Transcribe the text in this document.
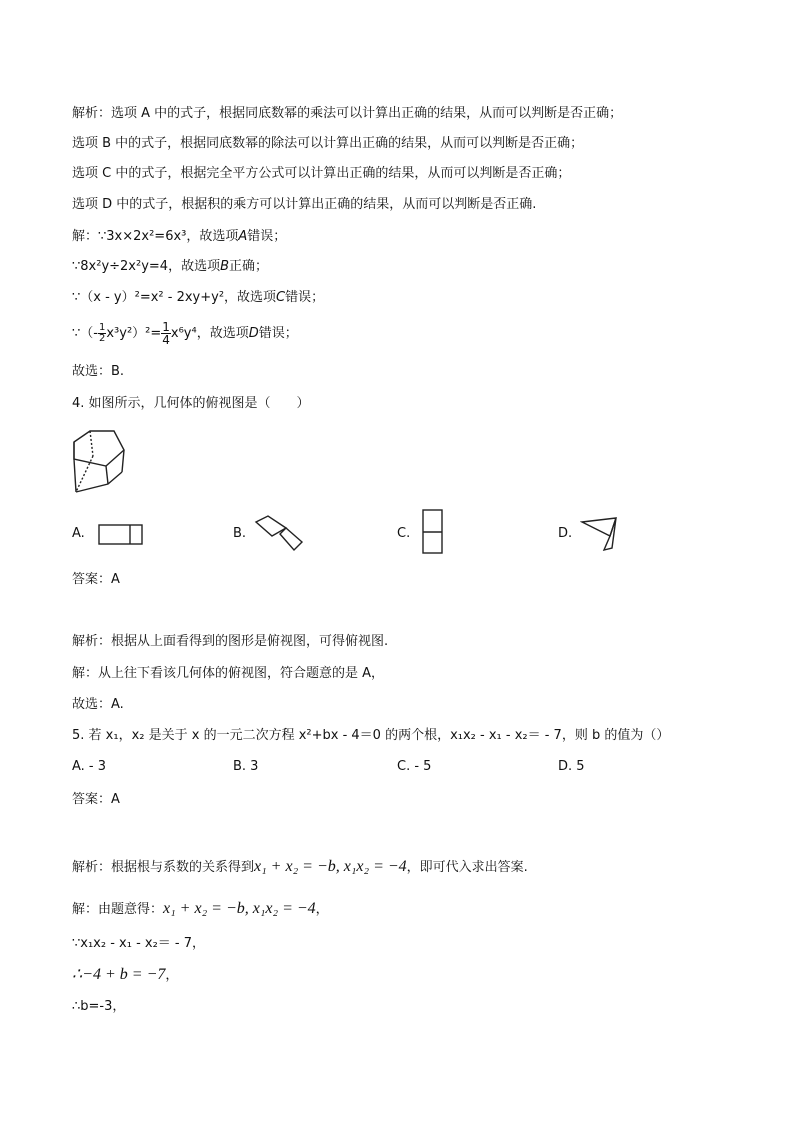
解析：选项 A 中的式子，根据同底数幂的乘法可以计算出正确的结果，从而可以判断是否正确；
选项 B 中的式子，根据同底数幂的除法可以计算出正确的结果，从而可以判断是否正确；
选项 C 中的式子，根据完全平方公式可以计算出正确的结果，从而可以判断是否正确；
选项 D 中的式子，根据积的乘方可以计算出正确的结果，从而可以判断是否正确.
解：∵3x×2x²=6x³，故选项A错误；
∵8x²y÷2x²y=4，故选项B正确；
∵（x - y）²=x² - 2xy+y²，故选项C错误；
∵（- $\frac{1}{2} x^3y^2)^2= \frac{1}{4} x^6y^4$，故选项D错误；
故选：B.
4. 如图所示，几何体的俯视图是（　　）
A.	B.	C.	D.
答案：A
解析：根据从上面看得到的图形是俯视图，可得俯视图.
解：从上往下看该几何体的俯视图，符合题意的是 A，
故选：A.
5. 若 x₁，x₂ 是关于 x 的一元二次方程 x²+bx - 4＝0 的两个根，x₁x₂ - x₁ - x₂＝ - 7，则 b 的值为（）
A. - 3	B. 3	C. - 5	D. 5
答案：A
解析：根据根与系数的关系得到x₁ + x₂ = −b, x₁x₂ = −4，即可代入求出答案.
解：由题意得：x₁ + x₂ = −b, x₁x₂ = −4，
∵x₁x₂ - x₁ - x₂＝ - 7，
∴−4 + b = −7，
∴b=-3，
